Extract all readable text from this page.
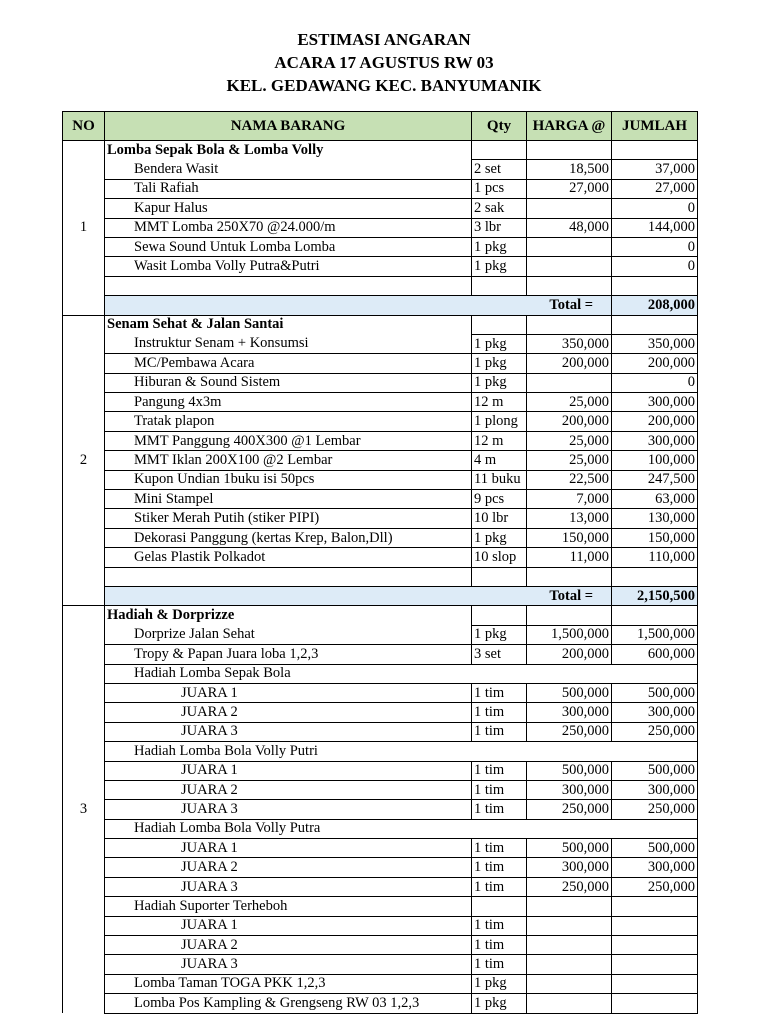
ESTIMASI ANGARAN
ACARA 17 AGUSTUS RW 03
KEL. GEDAWANG KEC. BANYUMANIK
NO	NAMA BARANG	Qty	HARGA @	JUMLAH
1	Lomba Sepak Bola & Lomba Volly			
	Bendera Wasit	2 set	18,500	37,000
	Tali Rafiah	1 pcs	27,000	27,000
	Kapur Halus	2 sak		0
	MMT Lomba 250X70 @24.000/m	3 lbr	48,000	144,000
	Sewa Sound Untuk Lomba Lomba	1 pkg		0
	Wasit Lomba Volly Putra&Putri	1 pkg		0

	Total =			208,000
2	Senam Sehat & Jalan Santai			
	Instruktur Senam + Konsumsi	1 pkg	350,000	350,000
	MC/Pembawa Acara	1 pkg	200,000	200,000
	Hiburan & Sound Sistem	1 pkg		0
	Pangung 4x3m	12 m	25,000	300,000
	Tratak plapon	1 plong	200,000	200,000
	MMT Panggung 400X300 @1 Lembar	12 m	25,000	300,000
	MMT Iklan 200X100 @2 Lembar	4 m	25,000	100,000
	Kupon Undian 1buku isi 50pcs	11 buku	22,500	247,500
	Mini Stampel	9 pcs	7,000	63,000
	Stiker Merah Putih (stiker PIPI)	10 lbr	13,000	130,000
	Dekorasi Panggung (kertas Krep, Balon,Dll)	1 pkg	150,000	150,000
	Gelas Plastik Polkadot	10 slop	11,000	110,000

	Total =			2,150,500
3	Hadiah & Dorprizze			
	Dorprize Jalan Sehat	1 pkg	1,500,000	1,500,000
	Tropy & Papan Juara loba 1,2,3	3 set	200,000	600,000
	Hadiah Lomba Sepak Bola			
	JUARA 1	1 tim	500,000	500,000
	JUARA 2	1 tim	300,000	300,000
	JUARA 3	1 tim	250,000	250,000
	Hadiah Lomba Bola Volly Putri			
	JUARA 1	1 tim	500,000	500,000
	JUARA 2	1 tim	300,000	300,000
	JUARA 3	1 tim	250,000	250,000
	Hadiah Lomba Bola Volly Putra			
	JUARA 1	1 tim	500,000	500,000
	JUARA 2	1 tim	300,000	300,000
	JUARA 3	1 tim	250,000	250,000
	Hadiah Suporter Terheboh			
	JUARA 1	1 tim		
	JUARA 2	1 tim		
	JUARA 3	1 tim		
	Lomba Taman TOGA PKK 1,2,3	1 pkg		
	Lomba Pos Kampling & Grengseng RW 03 1,2,3	1 pkg		
